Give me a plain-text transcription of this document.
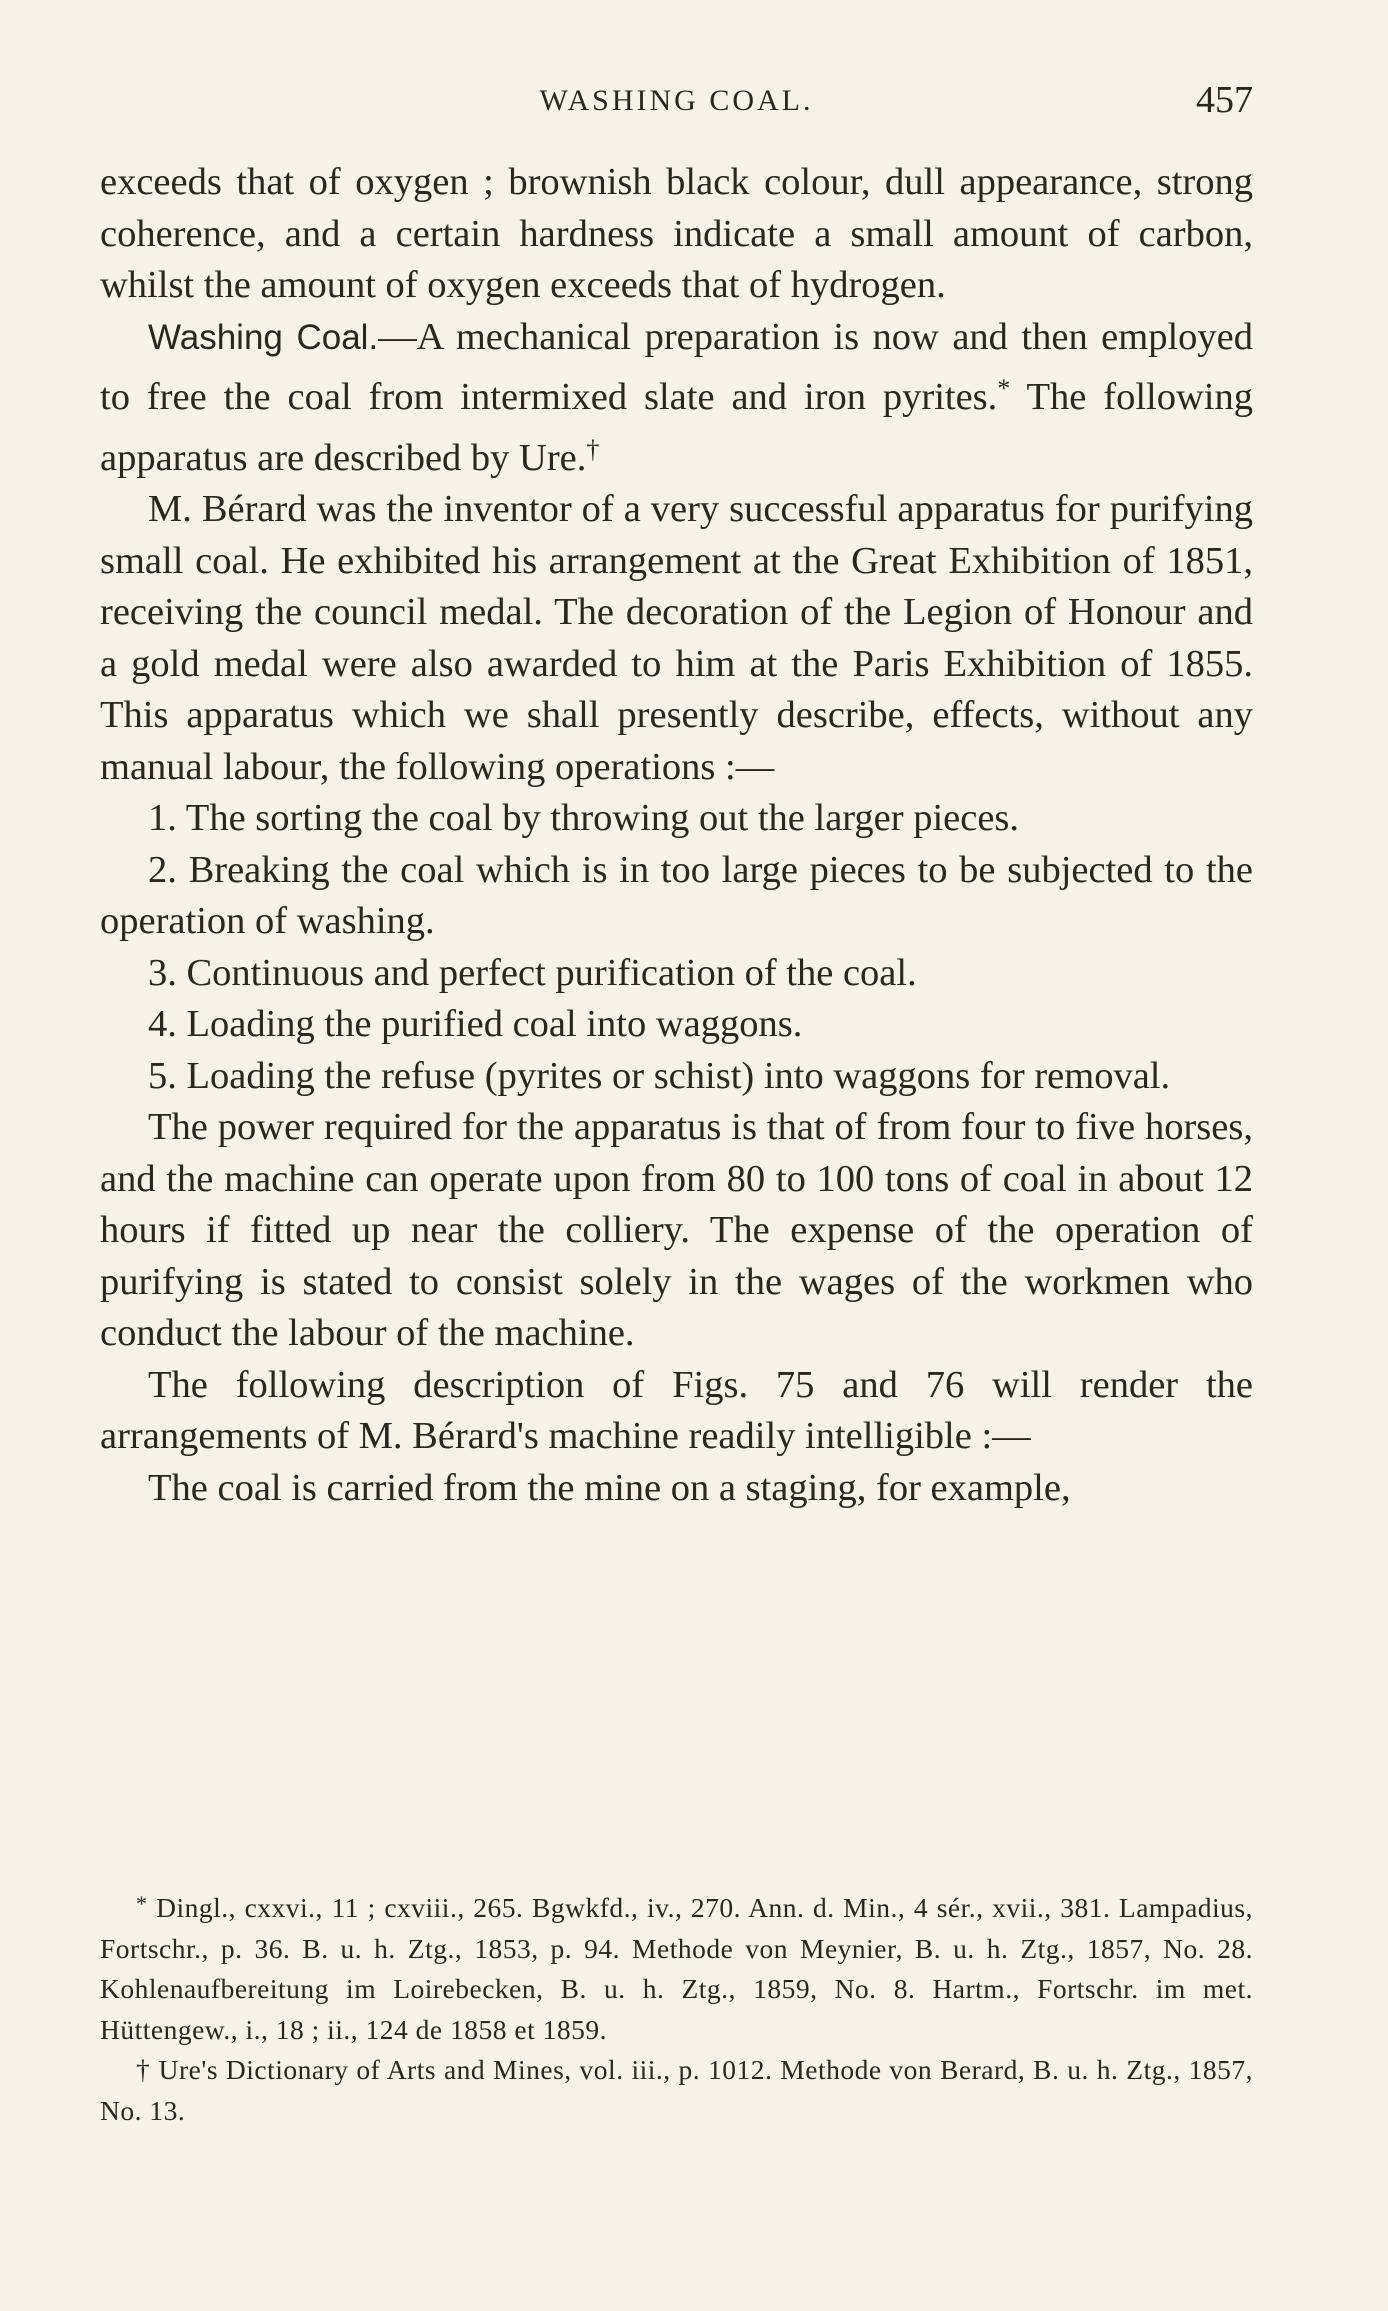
WASHING COAL.	457

exceeds that of oxygen ; brownish black colour, dull appearance, strong coherence, and a certain hardness indicate a small amount of carbon, whilst the amount of oxygen exceeds that of hydrogen.

Washing Coal.—A mechanical preparation is now and then employed to free the coal from intermixed slate and iron pyrites.* The following apparatus are described by Ure.†

M. Bérard was the inventor of a very successful apparatus for purifying small coal. He exhibited his arrangement at the Great Exhibition of 1851, receiving the council medal. The decoration of the Legion of Honour and a gold medal were also awarded to him at the Paris Exhibition of 1855. This apparatus which we shall presently describe, effects, without any manual labour, the following operations :—

1. The sorting the coal by throwing out the larger pieces.

2. Breaking the coal which is in too large pieces to be subjected to the operation of washing.

3. Continuous and perfect purification of the coal.

4. Loading the purified coal into waggons.

5. Loading the refuse (pyrites or schist) into waggons for removal.

The power required for the apparatus is that of from four to five horses, and the machine can operate upon from 80 to 100 tons of coal in about 12 hours if fitted up near the colliery. The expense of the operation of purifying is stated to consist solely in the wages of the workmen who conduct the labour of the machine.

The following description of Figs. 75 and 76 will render the arrangements of M. Bérard's machine readily intelligible :—

The coal is carried from the mine on a staging, for example,

* Dingl., cxxvi., 11 ; cxviii., 265. Bgwkfd., iv., 270. Ann. d. Min., 4 sér., xvii., 381. Lampadius, Fortschr., p. 36. B. u. h. Ztg., 1853, p. 94. Methode von Meynier, B. u. h. Ztg., 1857, No. 28. Kohlenaufbereitung im Loirebecken, B. u. h. Ztg., 1859, No. 8. Hartm., Fortschr. im met. Hüttengew., i., 18 ; ii., 124 de 1858 et 1859.

† Ure's Dictionary of Arts and Mines, vol. iii., p. 1012. Methode von Berard, B. u. h. Ztg., 1857, No. 13.
